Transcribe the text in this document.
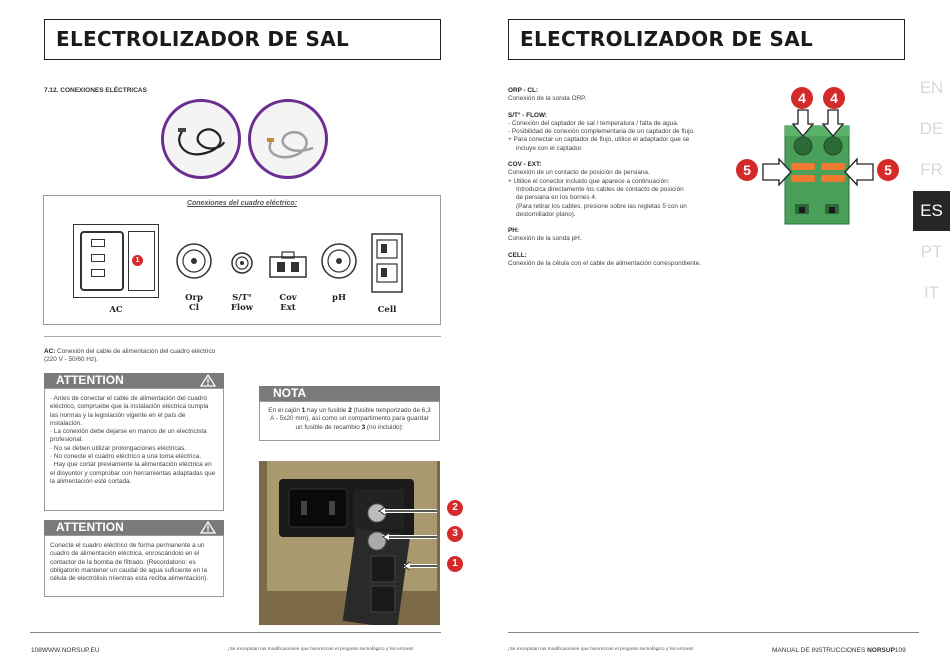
ELECTROLIZADOR DE SAL
7.12. CONEXIONES ELÉCTRICAS
Conexiones del cuadro eléctrico:
1
AC
Orp
Cl
S/T°
Flow
Cov
Ext
pH
Cell
AC: Conexión del cable de alimentación del cuadro eléctrico (220 V - 50/60 Hz).
ATTENTION
· Antes de conectar el cable de alimentación del cuadro eléctrico, compruebe que la instalación eléctrica cumpla las normas y la legislación vigente en el país de instalación.
· La conexión debe dejarse en manos de un electricista profesional.
· No se deben utilizar prolongaciones eléctricas.
· No conecte el cuadro eléctrico a una toma eléctrica.
· Hay que cortar previamente la alimentación eléctrica en el disyuntor y comprobar con herramientas adaptadas que la alimentación esté cortada.
ATTENTION
Conecte el cuadro eléctrico de forma permanente a un cuadro de alimentación eléctrica, enroscándolo en el contactor de la bomba de filtrado. (Recordatorio: es obligatorio mantener un caudal de agua suficiente en la célula de electrólisis mientras esta reciba alimentación).
NOTA
En el cajón 1 hay un fusible 2 (fusible temporizado de 6,3 A - 5x20 mm), así como un compartimento para guardar un fusible de recambio 3 (no incluido):
2
3
1
108WWW.NORSUP.EU	¡Se exceptúan las modificaciones que favorezcan el progreso tecnológico y los errores!
ELECTROLIZADOR DE SAL
ORP - CL:
Conexión de la sonda ORP.
S/T° - FLOW:
- Conexión del captador de sal / temperatura / falta de agua.
- Posibilidad de conexión complementaria de un captador de flujo.
+ Para conectar un captador de flujo, utilice el adaptador que se
incluye con el captador.
COV - EXT:
Conexión de un contacto de posición de persiana.
+ Utilice el conector incluido que aparece a continuación:
Introduzca directamente los cables de contacto de posición
de persiana en los bornes 4.
(Para retirar los cables, presione sobre las regletas 5 con un
destornillador plano).
PH:
Conexión de la sonda pH.
CELL:
Conexión de la célula con el cable de alimentación correspondiente.
4	4
5	5
EN
DE
FR
ES
PT
IT
¡Se exceptúan las modificaciones que favorezcan el progreso tecnológico y los errores!	MANUAL DE INSTRUCCIONES NORSUP109
